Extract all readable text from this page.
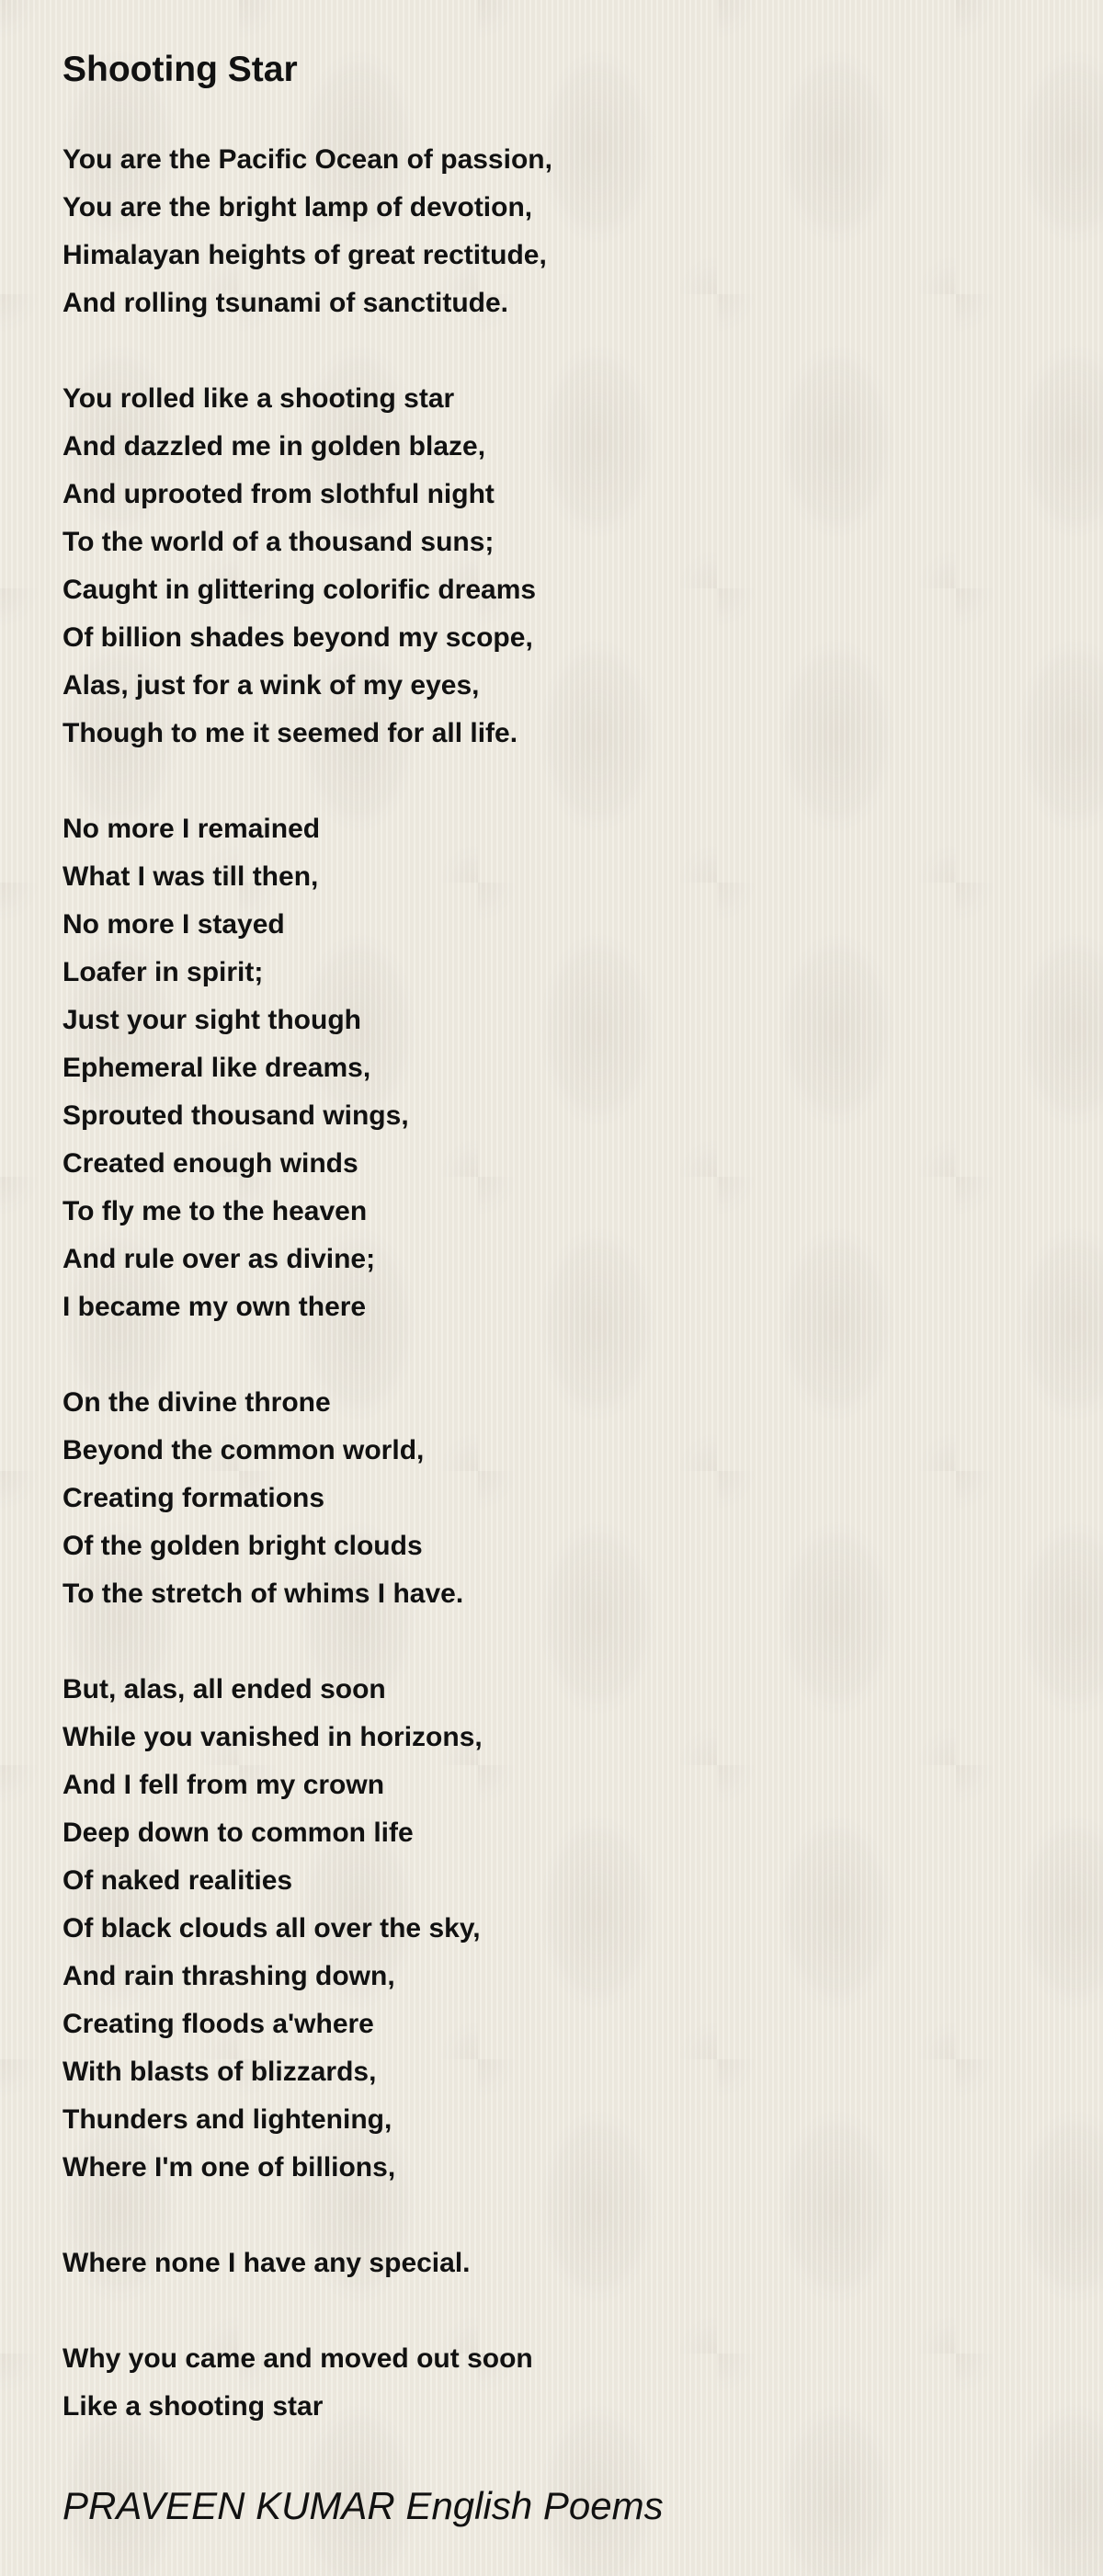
Shooting Star
You are the Pacific Ocean of passion,
You are the bright lamp of devotion,
Himalayan heights of great rectitude,
And rolling tsunami of sanctitude.
You rolled like a shooting star
And dazzled me in golden blaze,
And uprooted from slothful night
To the world of a thousand suns;
Caught in glittering colorific dreams
Of billion shades beyond my scope,
Alas, just for a wink of my eyes,
Though to me it seemed for all life.
No more I remained
What I was till then,
No more I stayed
Loafer in spirit;
Just your sight though
Ephemeral like dreams,
Sprouted thousand wings,
Created enough winds
To fly me to the heaven
And rule over as divine;
I became my own there
On the divine throne
Beyond the common world,
Creating formations
Of the golden bright clouds
To the stretch of whims I have.
But, alas, all ended soon
While you vanished in horizons,
And I fell from my crown
Deep down to common life
Of naked realities
Of black clouds all over the sky,
And rain thrashing down,
Creating floods a'where
With blasts of blizzards,
Thunders and lightening,
Where I'm one of billions,
Where none I have any special.
Why you came and moved out soon
Like a shooting star
PRAVEEN KUMAR English Poems
